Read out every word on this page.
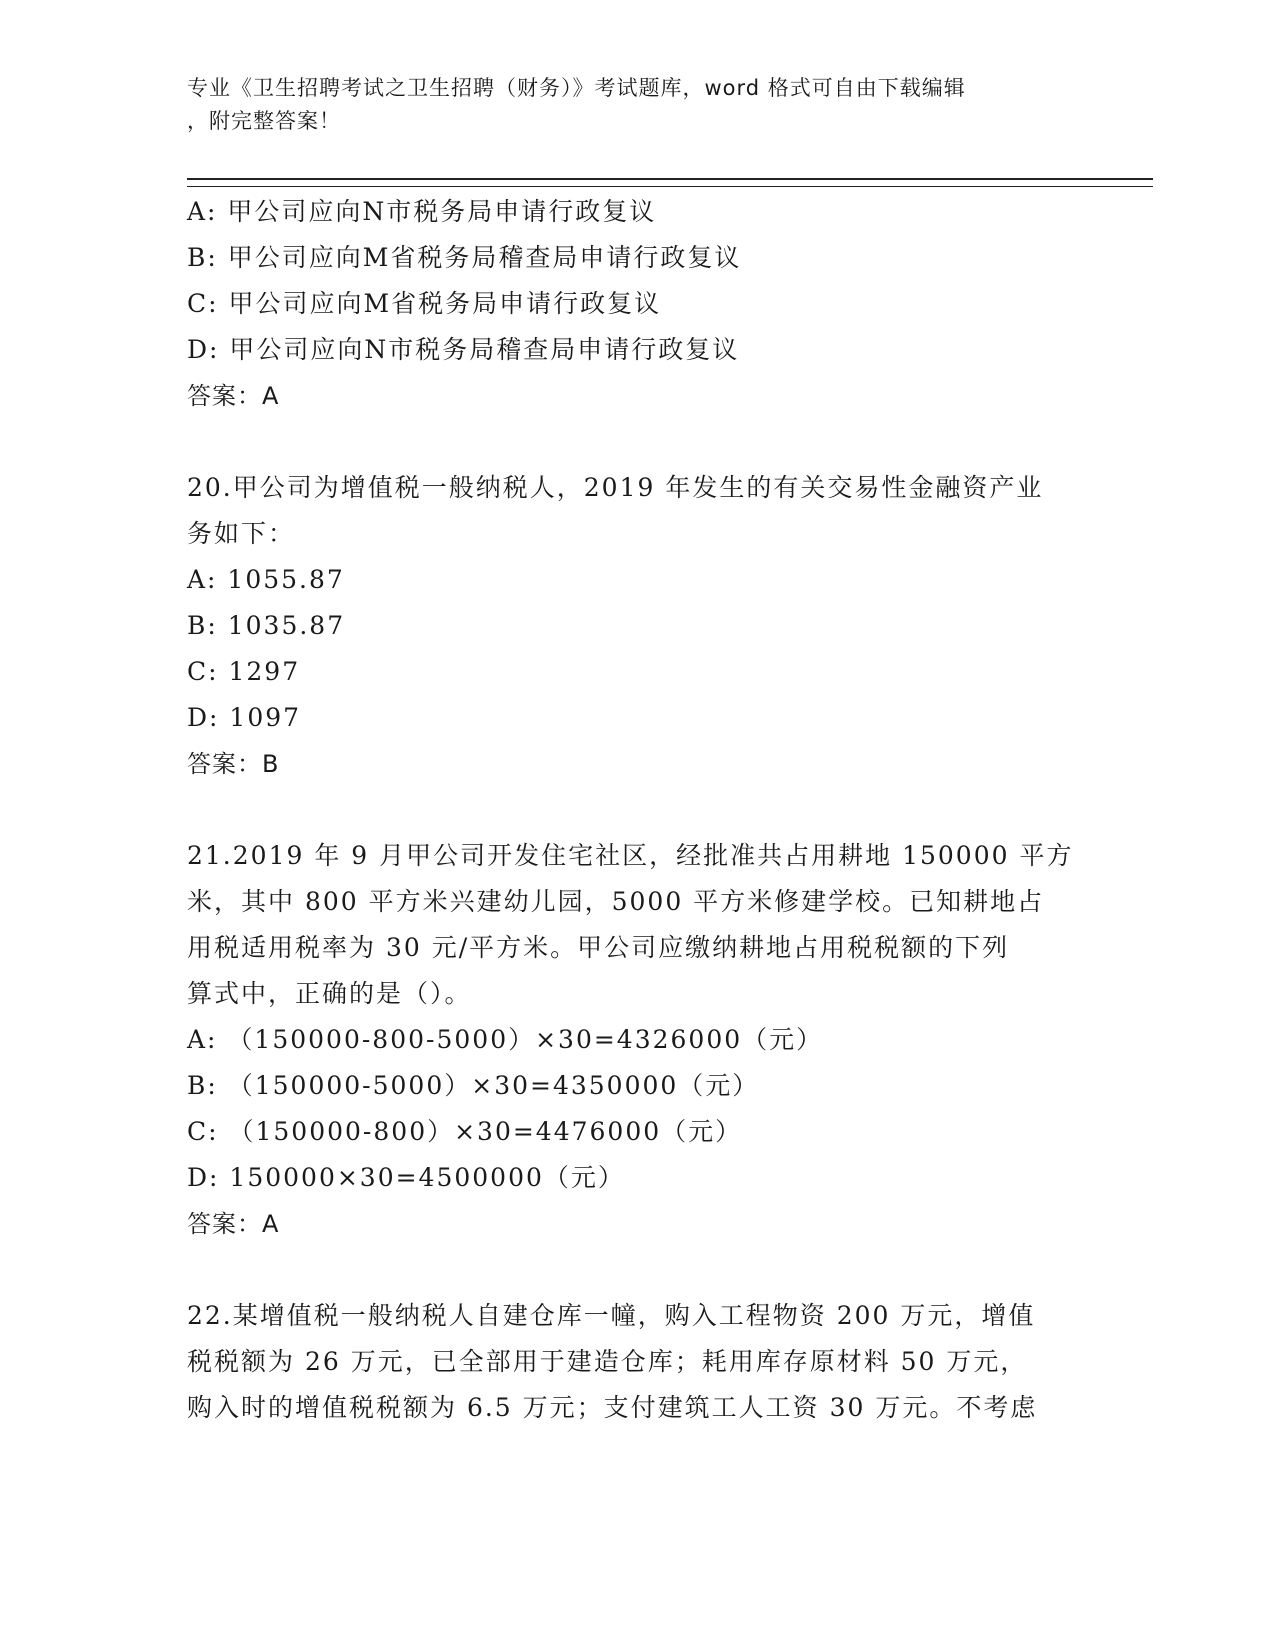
专业《卫生招聘考试之卫生招聘（财务）》考试题库，word 格式可自由下载编辑
，附完整答案！
A: 甲公司应向N市税务局申请行政复议
B: 甲公司应向M省税务局稽查局申请行政复议
C: 甲公司应向M省税务局申请行政复议
D: 甲公司应向N市税务局稽查局申请行政复议
答案：A
20.甲公司为增值税一般纳税人，2019 年发生的有关交易性金融资产业
务如下：
A: 1055.87
B: 1035.87
C: 1297
D: 1097
答案：B
21.2019 年 9 月甲公司开发住宅社区，经批准共占用耕地 150000 平方
米，其中 800 平方米兴建幼儿园，5000 平方米修建学校。已知耕地占
用税适用税率为 30 元/平方米。甲公司应缴纳耕地占用税税额的下列
算式中，正确的是（）。
A: （150000-800-5000）×30=4326000（元）
B: （150000-5000）×30=4350000（元）
C: （150000-800）×30=4476000（元）
D: 150000×30=4500000（元）
答案：A
22.某增值税一般纳税人自建仓库一幢，购入工程物资 200 万元，增值
税税额为 26 万元，已全部用于建造仓库；耗用库存原材料 50 万元，
购入时的增值税税额为 6.5 万元；支付建筑工人工资 30 万元。不考虑
